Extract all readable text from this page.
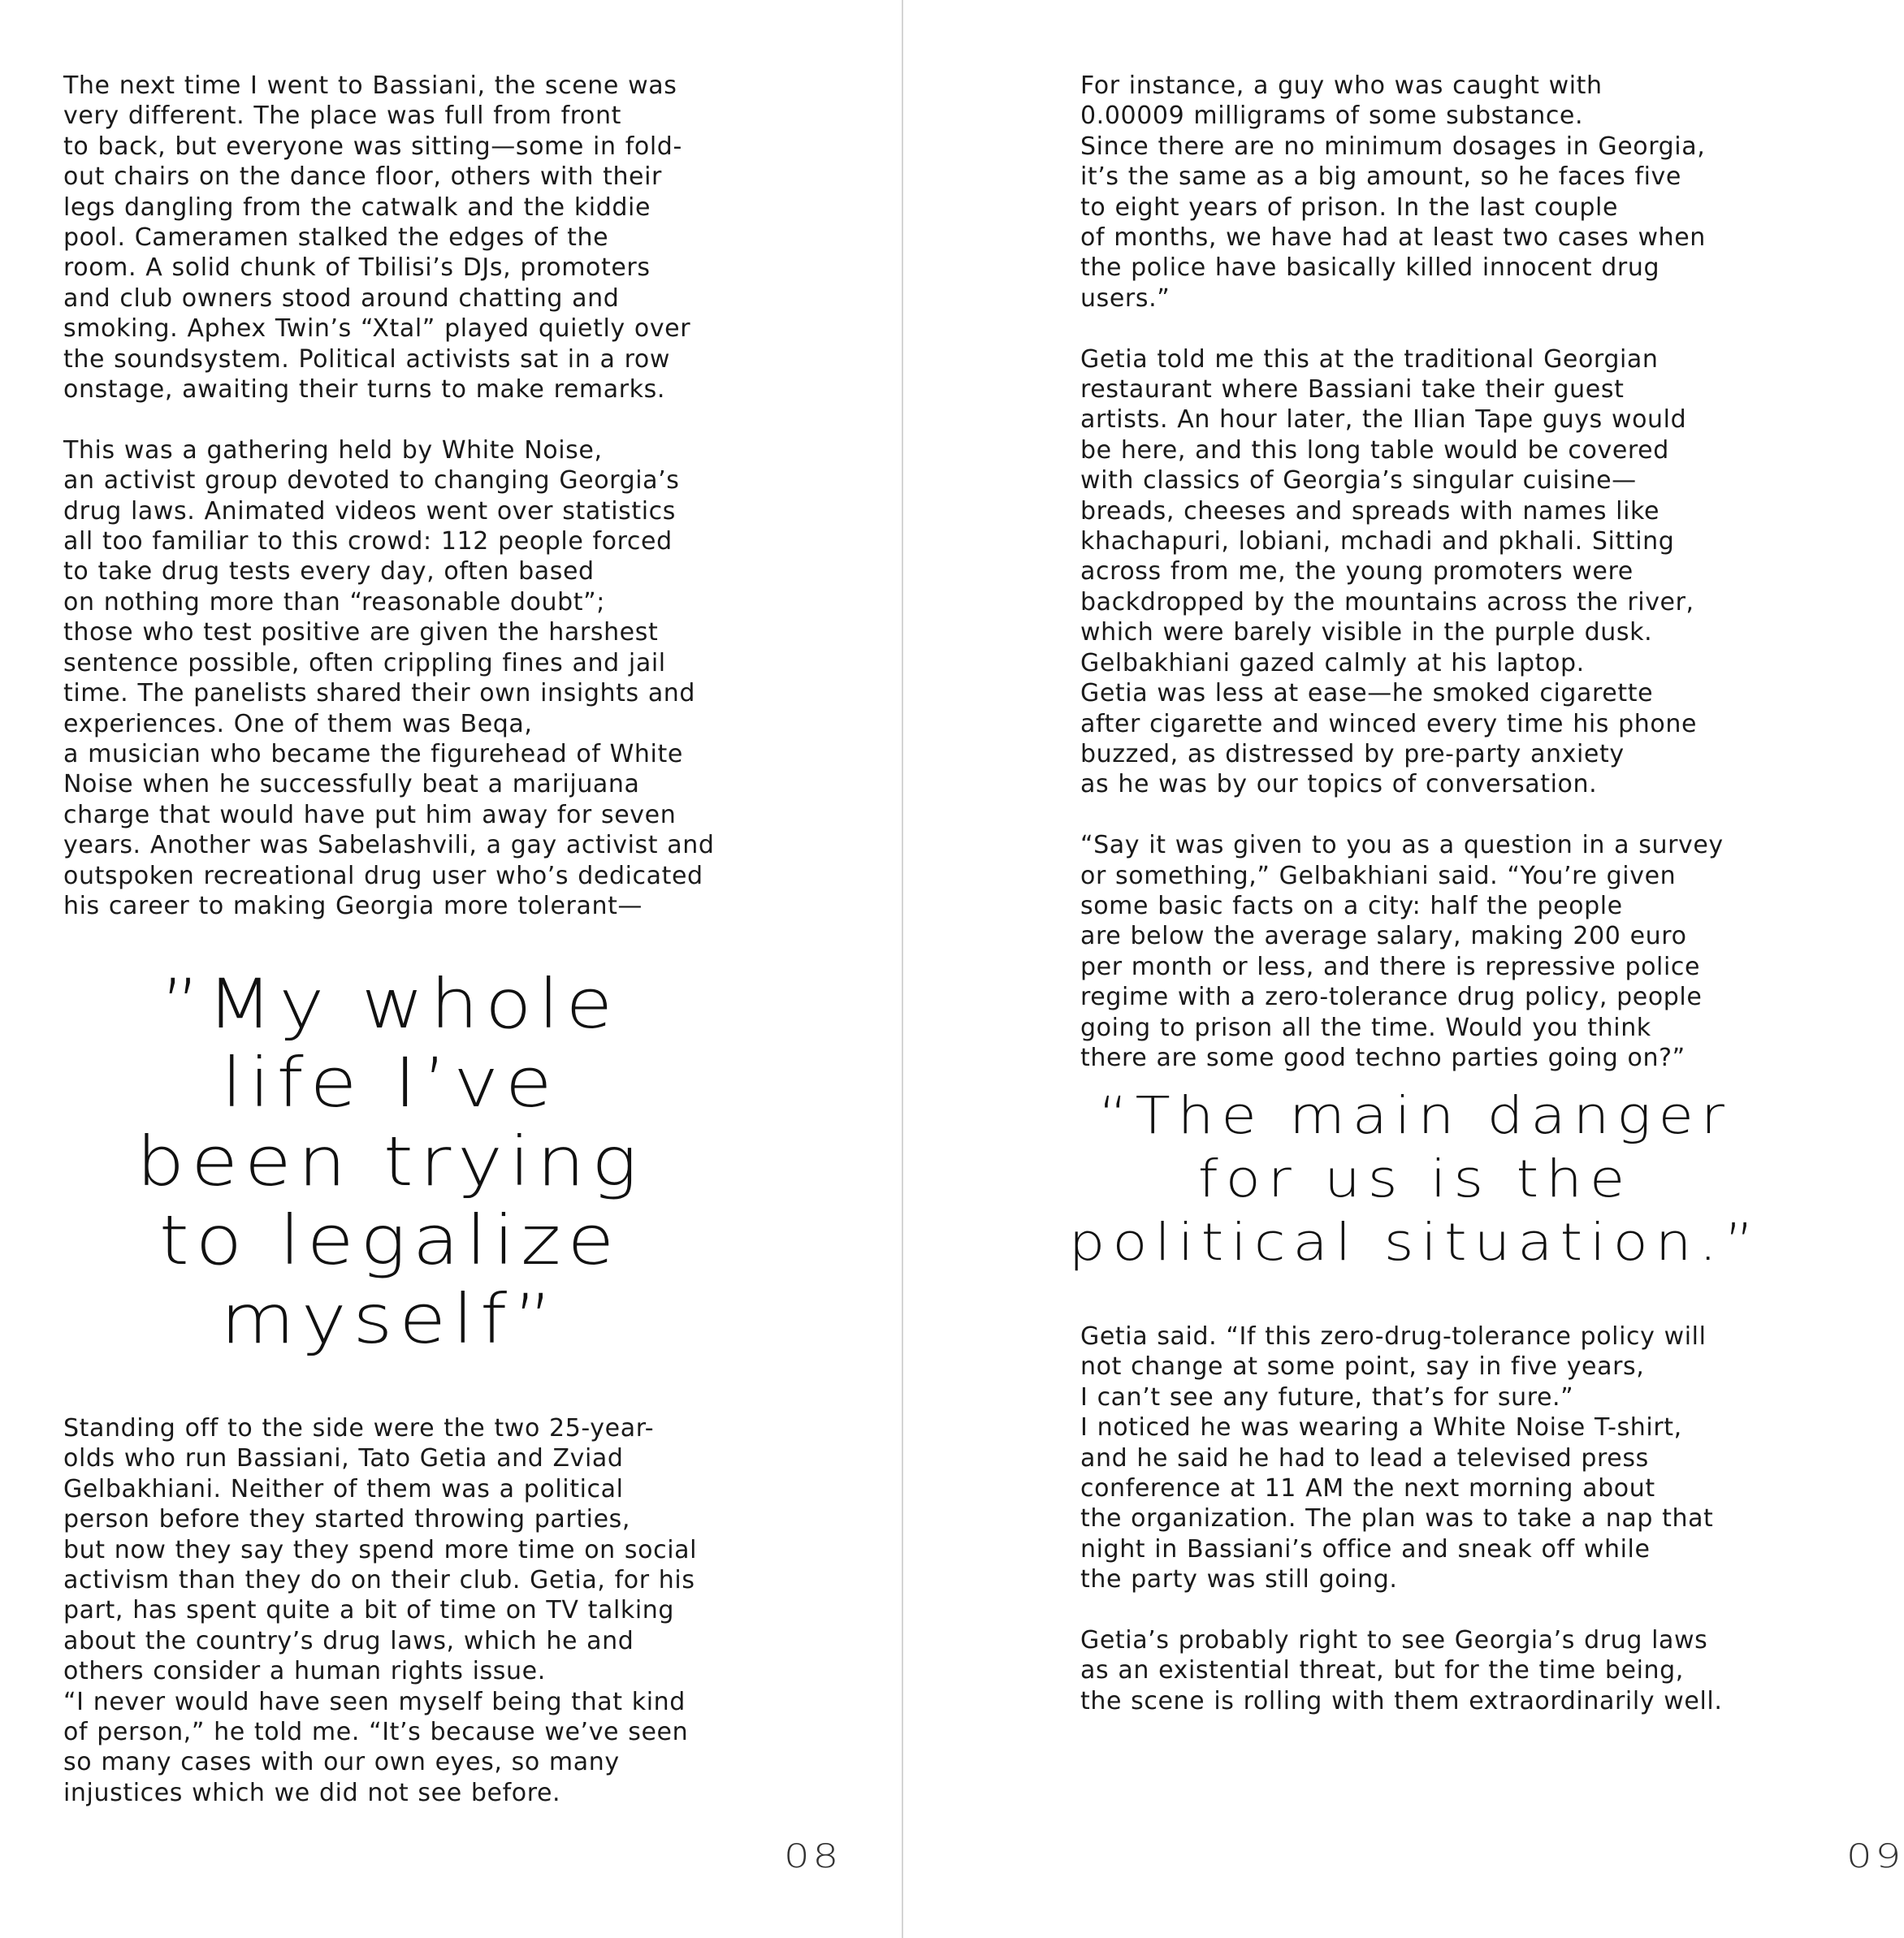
The next time I went to Bassiani, the scene was
very different. The place was full from front
to back, but everyone was sitting—some in fold-
out chairs on the dance floor, others with their
legs dangling from the catwalk and the kiddie
pool. Cameramen stalked the edges of the
room. A solid chunk of Tbilisi’s DJs, promoters
and club owners stood around chatting and
smoking. Aphex Twin’s “Xtal” played quietly over
the soundsystem. Political activists sat in a row
onstage, awaiting their turns to make remarks.

This was a gathering held by White Noise,
an activist group devoted to changing Georgia’s
drug laws. Animated videos went over statistics
all too familiar to this crowd: 112 people forced
to take drug tests every day, often based
on nothing more than “reasonable doubt”;
those who test positive are given the harshest
sentence possible, often crippling fines and jail
time. The panelists shared their own insights and
experiences. One of them was Beqa,
a musician who became the figurehead of White
Noise when he successfully beat a marijuana
charge that would have put him away for seven
years. Another was Sabelashvili, a gay activist and
outspoken recreational drug user who’s dedicated
his career to making Georgia more tolerant—

”My whole
life I’ve
been trying
to legalize
myself”

Standing off to the side were the two 25-year-
olds who run Bassiani, Tato Getia and Zviad
Gelbakhiani. Neither of them was a political
person before they started throwing parties,
but now they say they spend more time on social
activism than they do on their club. Getia, for his
part, has spent quite a bit of time on TV talking
about the country’s drug laws, which he and
others consider a human rights issue.
“I never would have seen myself being that kind
of person,” he told me. “It’s because we’ve seen
so many cases with our own eyes, so many
injustices which we did not see before.

08

For instance, a guy who was caught with
0.00009 milligrams of some substance.
Since there are no minimum dosages in Georgia,
it’s the same as a big amount, so he faces five
to eight years of prison. In the last couple
of months, we have had at least two cases when
the police have basically killed innocent drug users.”

Getia told me this at the traditional Georgian
restaurant where Bassiani take their guest
artists. An hour later, the Ilian Tape guys would
be here, and this long table would be covered
with classics of Georgia’s singular cuisine—
breads, cheeses and spreads with names like
khachapuri, lobiani, mchadi and pkhali. Sitting
across from me, the young promoters were
backdropped by the mountains across the river,
which were barely visible in the purple dusk.
Gelbakhiani gazed calmly at his laptop.
Getia was less at ease—he smoked cigarette
after cigarette and winced every time his phone
buzzed, as distressed by pre-party anxiety
as he was by our topics of conversation.

“Say it was given to you as a question in a survey
or something,” Gelbakhiani said. “You’re given
some basic facts on a city: half the people
are below the average salary, making 200 euro
per month or less, and there is repressive police
regime with a zero-tolerance drug policy, people
going to prison all the time. Would you think
there are some good techno parties going on?”

“The main danger
for us is the
political situation.”

Getia said. “If this zero-drug-tolerance policy will
not change at some point, say in five years,
I can’t see any future, that’s for sure.”
I noticed he was wearing a White Noise T-shirt,
and he said he had to lead a televised press
conference at 11 AM the next morning about
the organization. The plan was to take a nap that
night in Bassiani’s office and sneak off while
the party was still going.

Getia’s probably right to see Georgia’s drug laws
as an existential threat, but for the time being,
the scene is rolling with them extraordinarily well.

09
